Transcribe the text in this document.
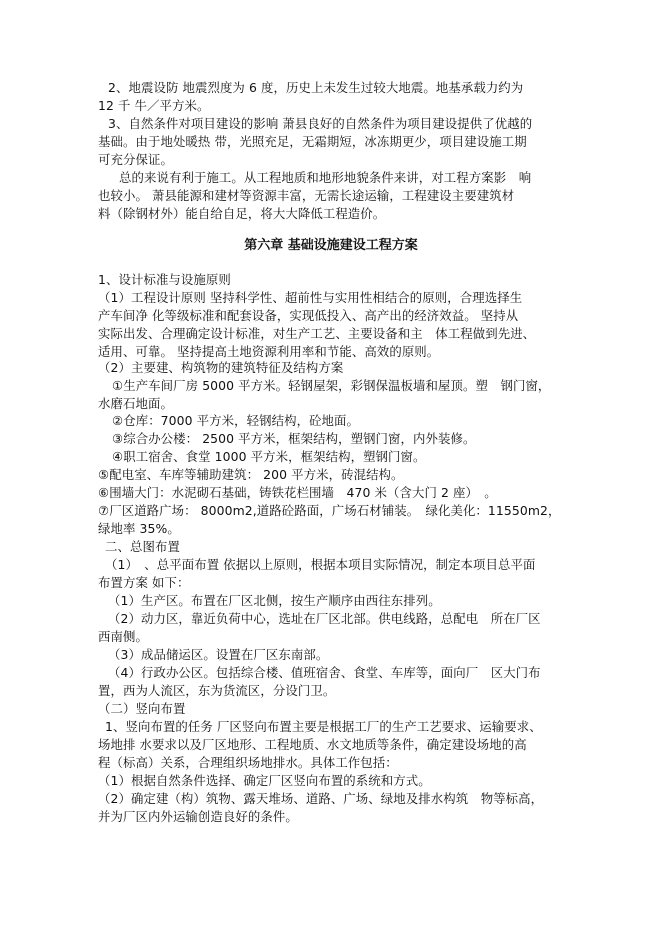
2、地震设防 地震烈度为 6 度，历史上未发生过较大地震。地基承载力约为
12 千 牛／平方米。
3、自然条件对项目建设的影响 萧县良好的自然条件为项目建设提供了优越的
基础。由于地处暖热 带，光照充足，无霜期短，冰冻期更少，项目建设施工期
可充分保证。
总的来说有利于施工。从工程地质和地形地貌条件来讲，对工程方案影　响
也较小。 萧县能源和建材等资源丰富，无需长途运输，工程建设主要建筑材
料（除钢材外）能自给自足，将大大降低工程造价。
第六章 基础设施建设工程方案
1、设计标准与设施原则
（1）工程设计原则 坚持科学性、超前性与实用性相结合的原则，合理选择生
产车间净 化等级标准和配套设备，实现低投入、高产出的经济效益。 坚持从
实际出发、合理确定设计标准，对生产工艺、主要设备和主　体工程做到先进、
适用、可靠。 坚持提高土地资源利用率和节能、高效的原则。
（2）主要建、构筑物的建筑特征及结构方案
①生产车间厂房 5000 平方米。轻钢屋架，彩钢保温板墙和屋顶。塑　钢门窗，
水磨石地面。
②仓库：7000 平方米，轻钢结构，砼地面。
③综合办公楼： 2500 平方米，框架结构，塑钢门窗，内外装修。
④职工宿舍、食堂 1000 平方米，框架结构，塑钢门窗。
⑤配电室、车库等辅助建筑： 200 平方米，砖混结构。
⑥围墙大门：水泥砌石基础，铸铁花栏围墙　470 米（含大门 2 座）　。
⑦厂区道路广场： 8000m2,道路砼路面，广场石材铺装。　绿化美化：11550m2，
绿地率 35%。
二、总图布置
（1）　、总平面布置 依据以上原则，根据本项目实际情况，制定本项目总平面
布置方案 如下：
（1）生产区。布置在厂区北侧，按生产顺序由西往东排列。
（2）动力区，靠近负荷中心，选址在厂区北部。供电线路，总配电　所在厂区
西南侧。
（3）成品储运区。设置在厂区东南部。
（4）行政办公区。包括综合楼、值班宿舍、食堂、车库等，面向厂　区大门布
置，西为人流区，东为货流区，分设门卫。
（二）竖向布置
1、竖向布置的任务 厂区竖向布置主要是根据工厂的生产工艺要求、运输要求、
场地排 水要求以及厂区地形、工程地质、水文地质等条件，确定建设场地的高
程（标高）关系，合理组织场地排水。具体工作包括：
（1）根据自然条件选择、确定厂区竖向布置的系统和方式。
（2）确定建（构）筑物、露天堆场、道路、广场、绿地及排水构筑　物等标高，
并为厂区内外运输创造良好的条件。
